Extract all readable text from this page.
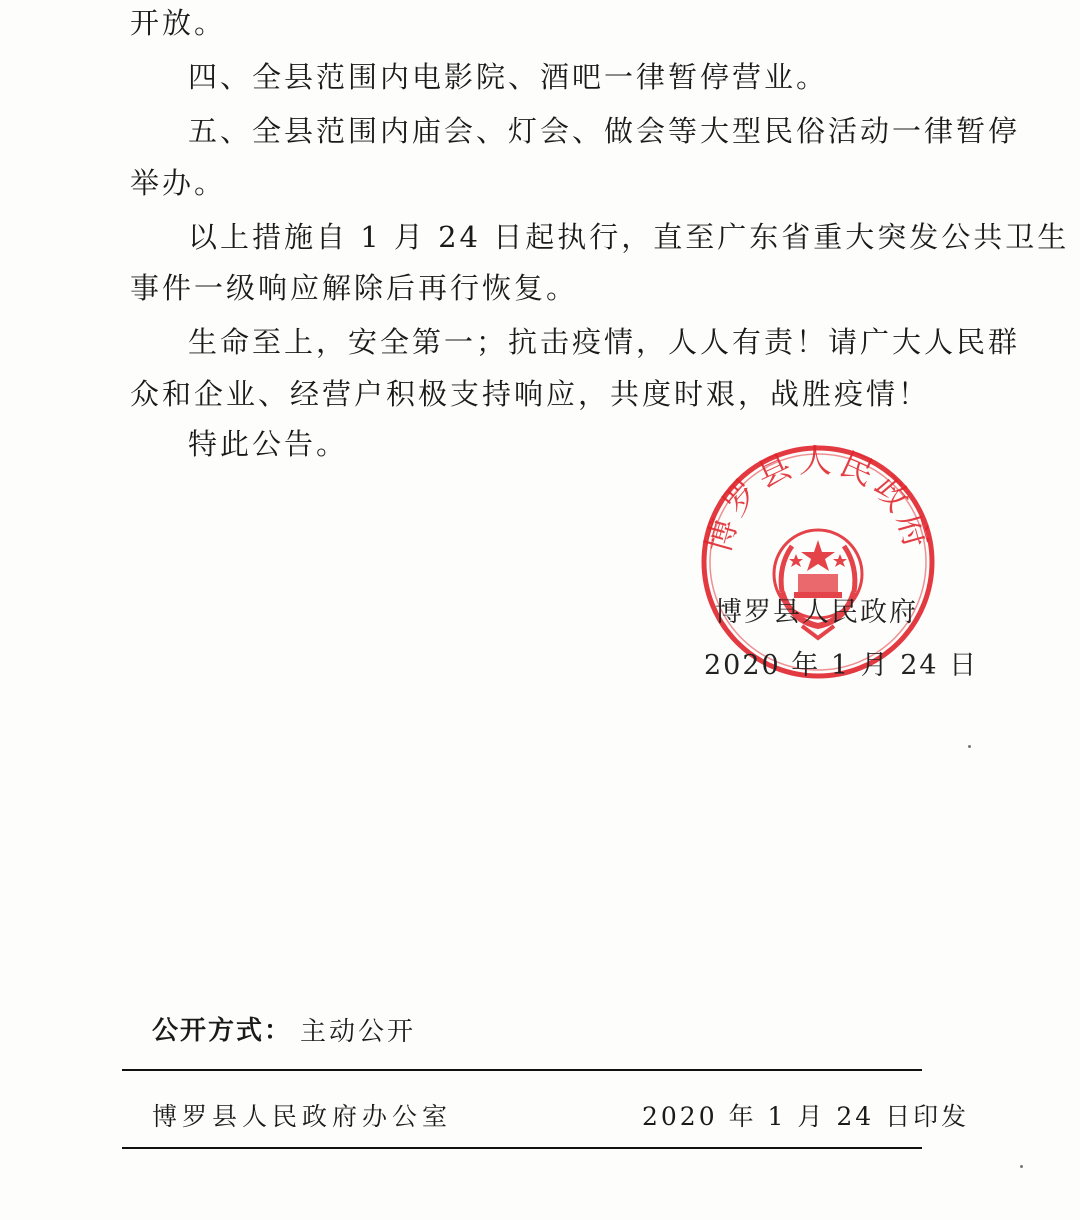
开放。
四、全县范围内电影院、酒吧一律暂停营业。
五、全县范围内庙会、灯会、做会等大型民俗活动一律暂停
举办。
以上措施自 1 月 24 日起执行，直至广东省重大突发公共卫生
事件一级响应解除后再行恢复。
生命至上，安全第一；抗击疫情，人人有责！请广大人民群
众和企业、经营户积极支持响应，共度时艰，战胜疫情！
特此公告。
博罗县人民政府
博罗县人民政府
2020 年 1 月 24 日
公开方式： 主动公开
博罗县人民政府办公室	2020 年 1 月 24 日印发
